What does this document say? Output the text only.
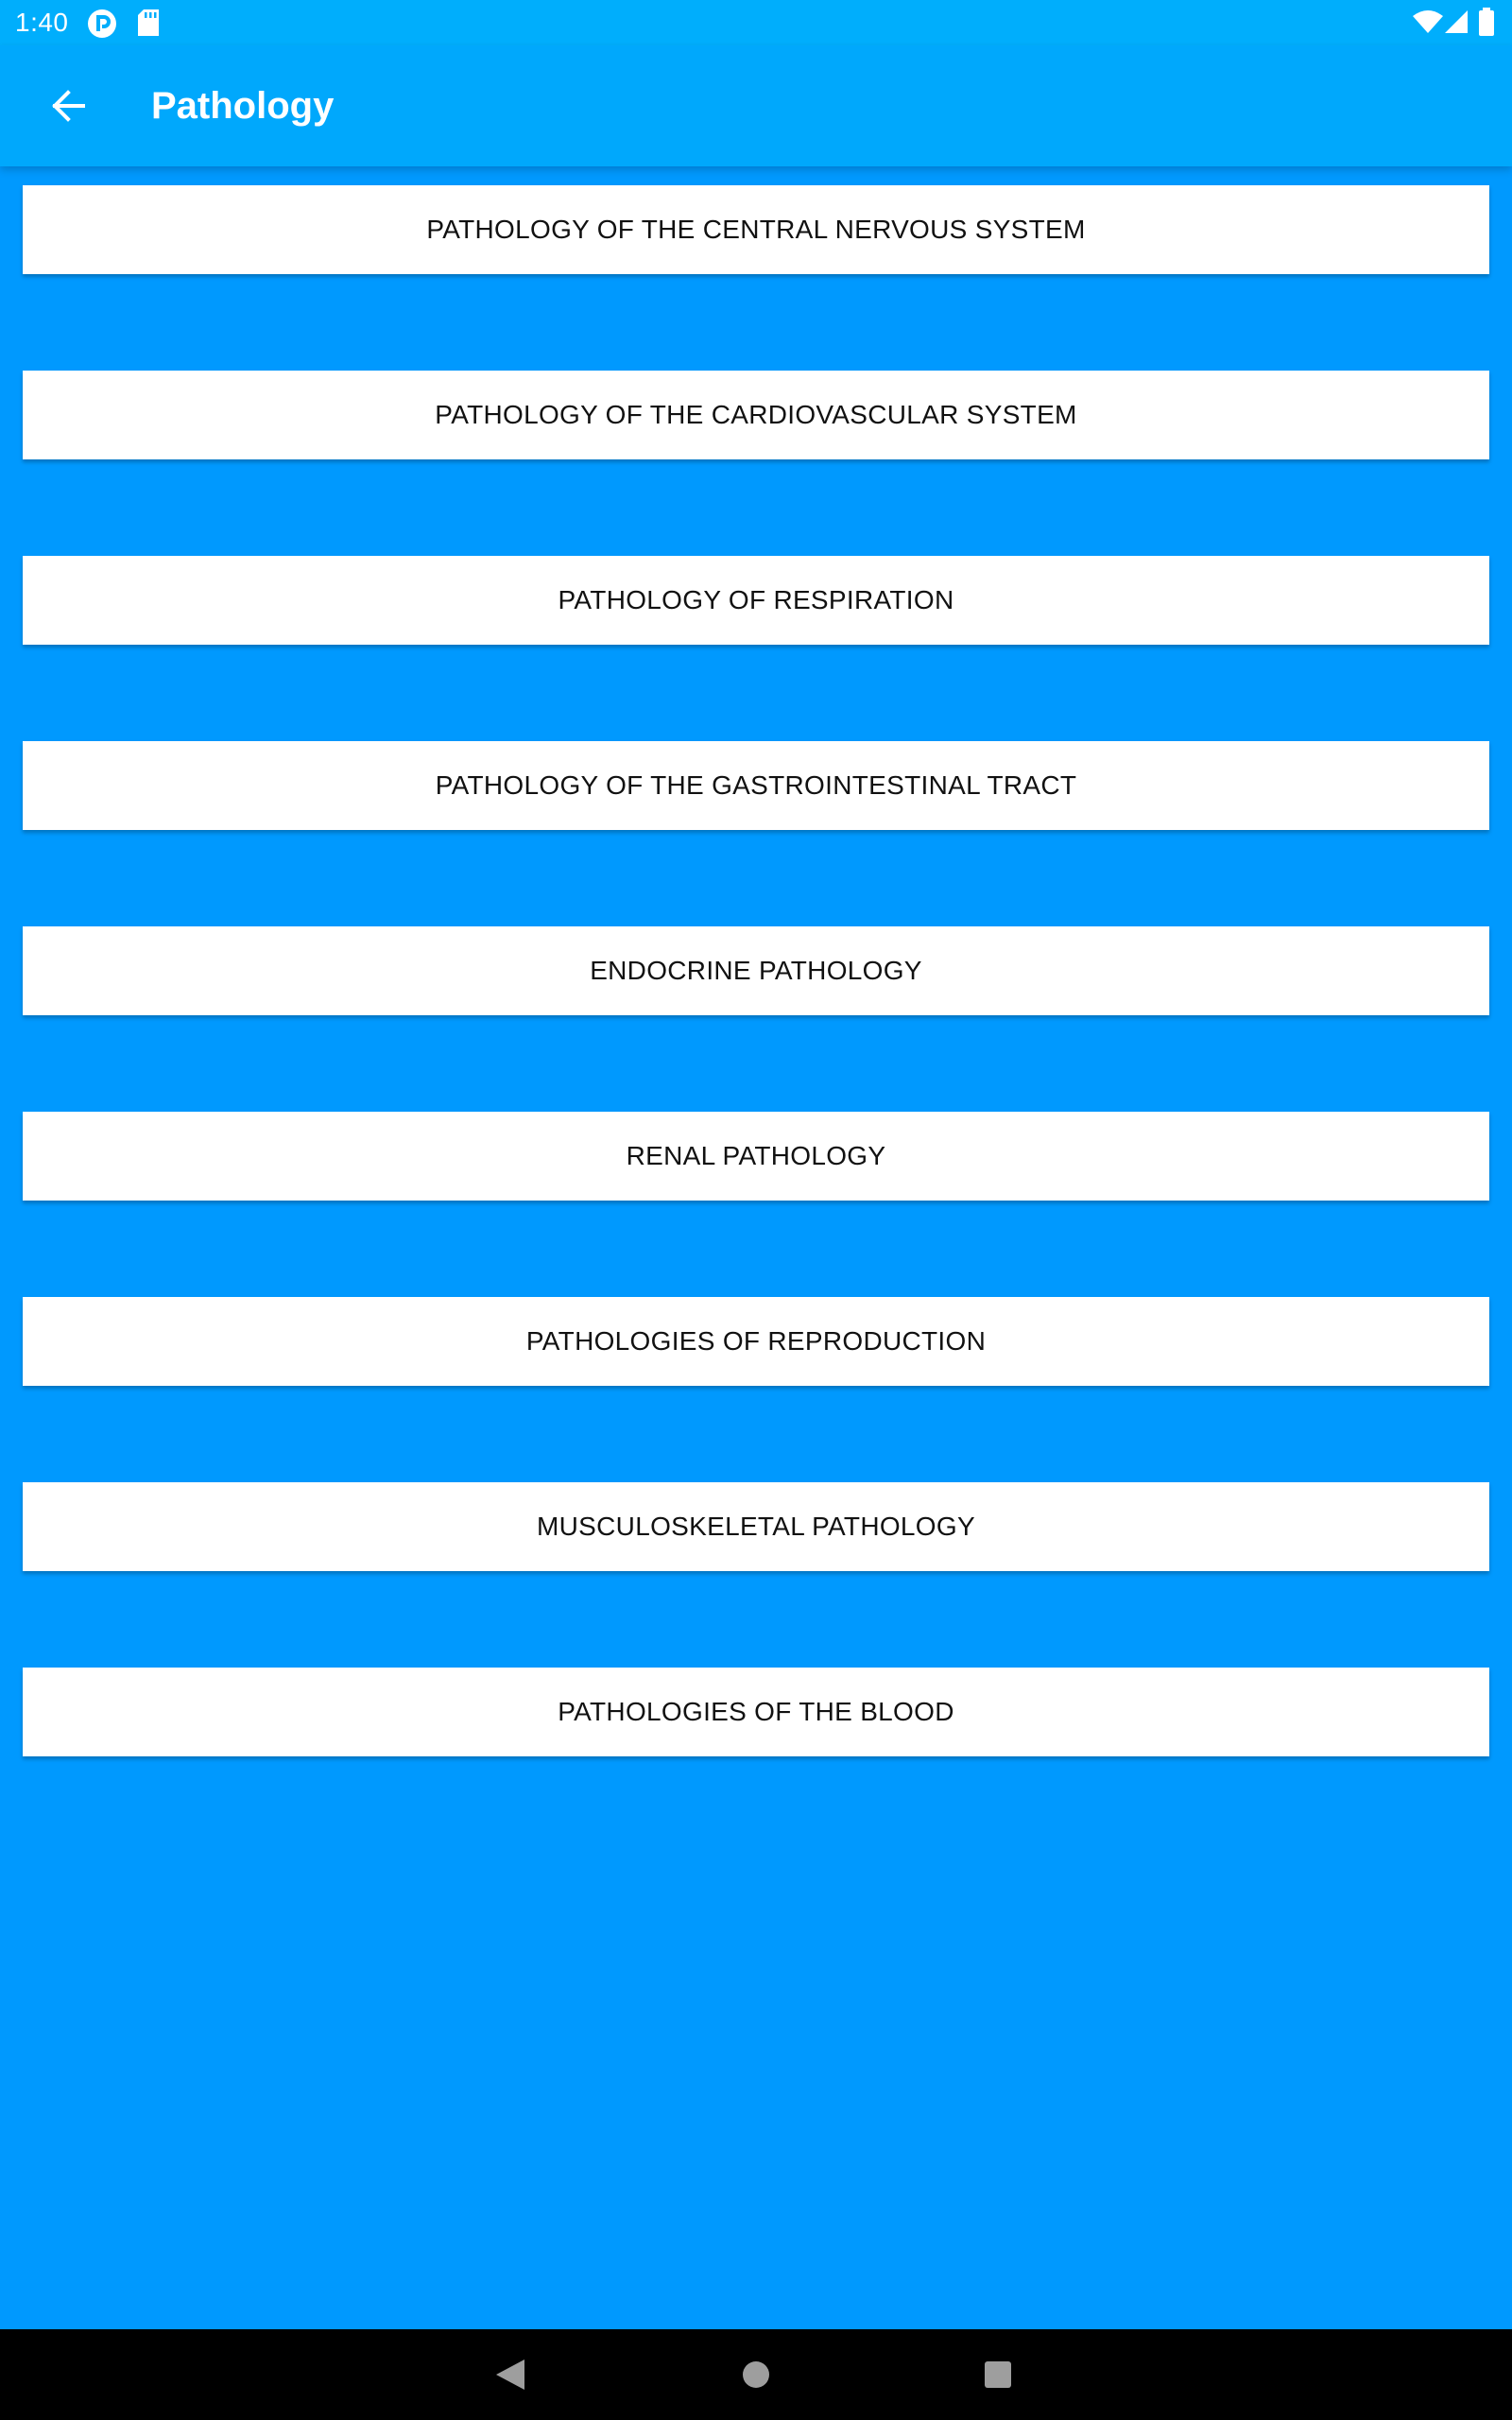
1:40
Pathology
PATHOLOGY OF THE CENTRAL NERVOUS SYSTEM
PATHOLOGY OF THE CARDIOVASCULAR SYSTEM
PATHOLOGY OF RESPIRATION
PATHOLOGY OF THE GASTROINTESTINAL TRACT
ENDOCRINE PATHOLOGY
RENAL PATHOLOGY
PATHOLOGIES OF REPRODUCTION
MUSCULOSKELETAL PATHOLOGY
PATHOLOGIES OF THE BLOOD
